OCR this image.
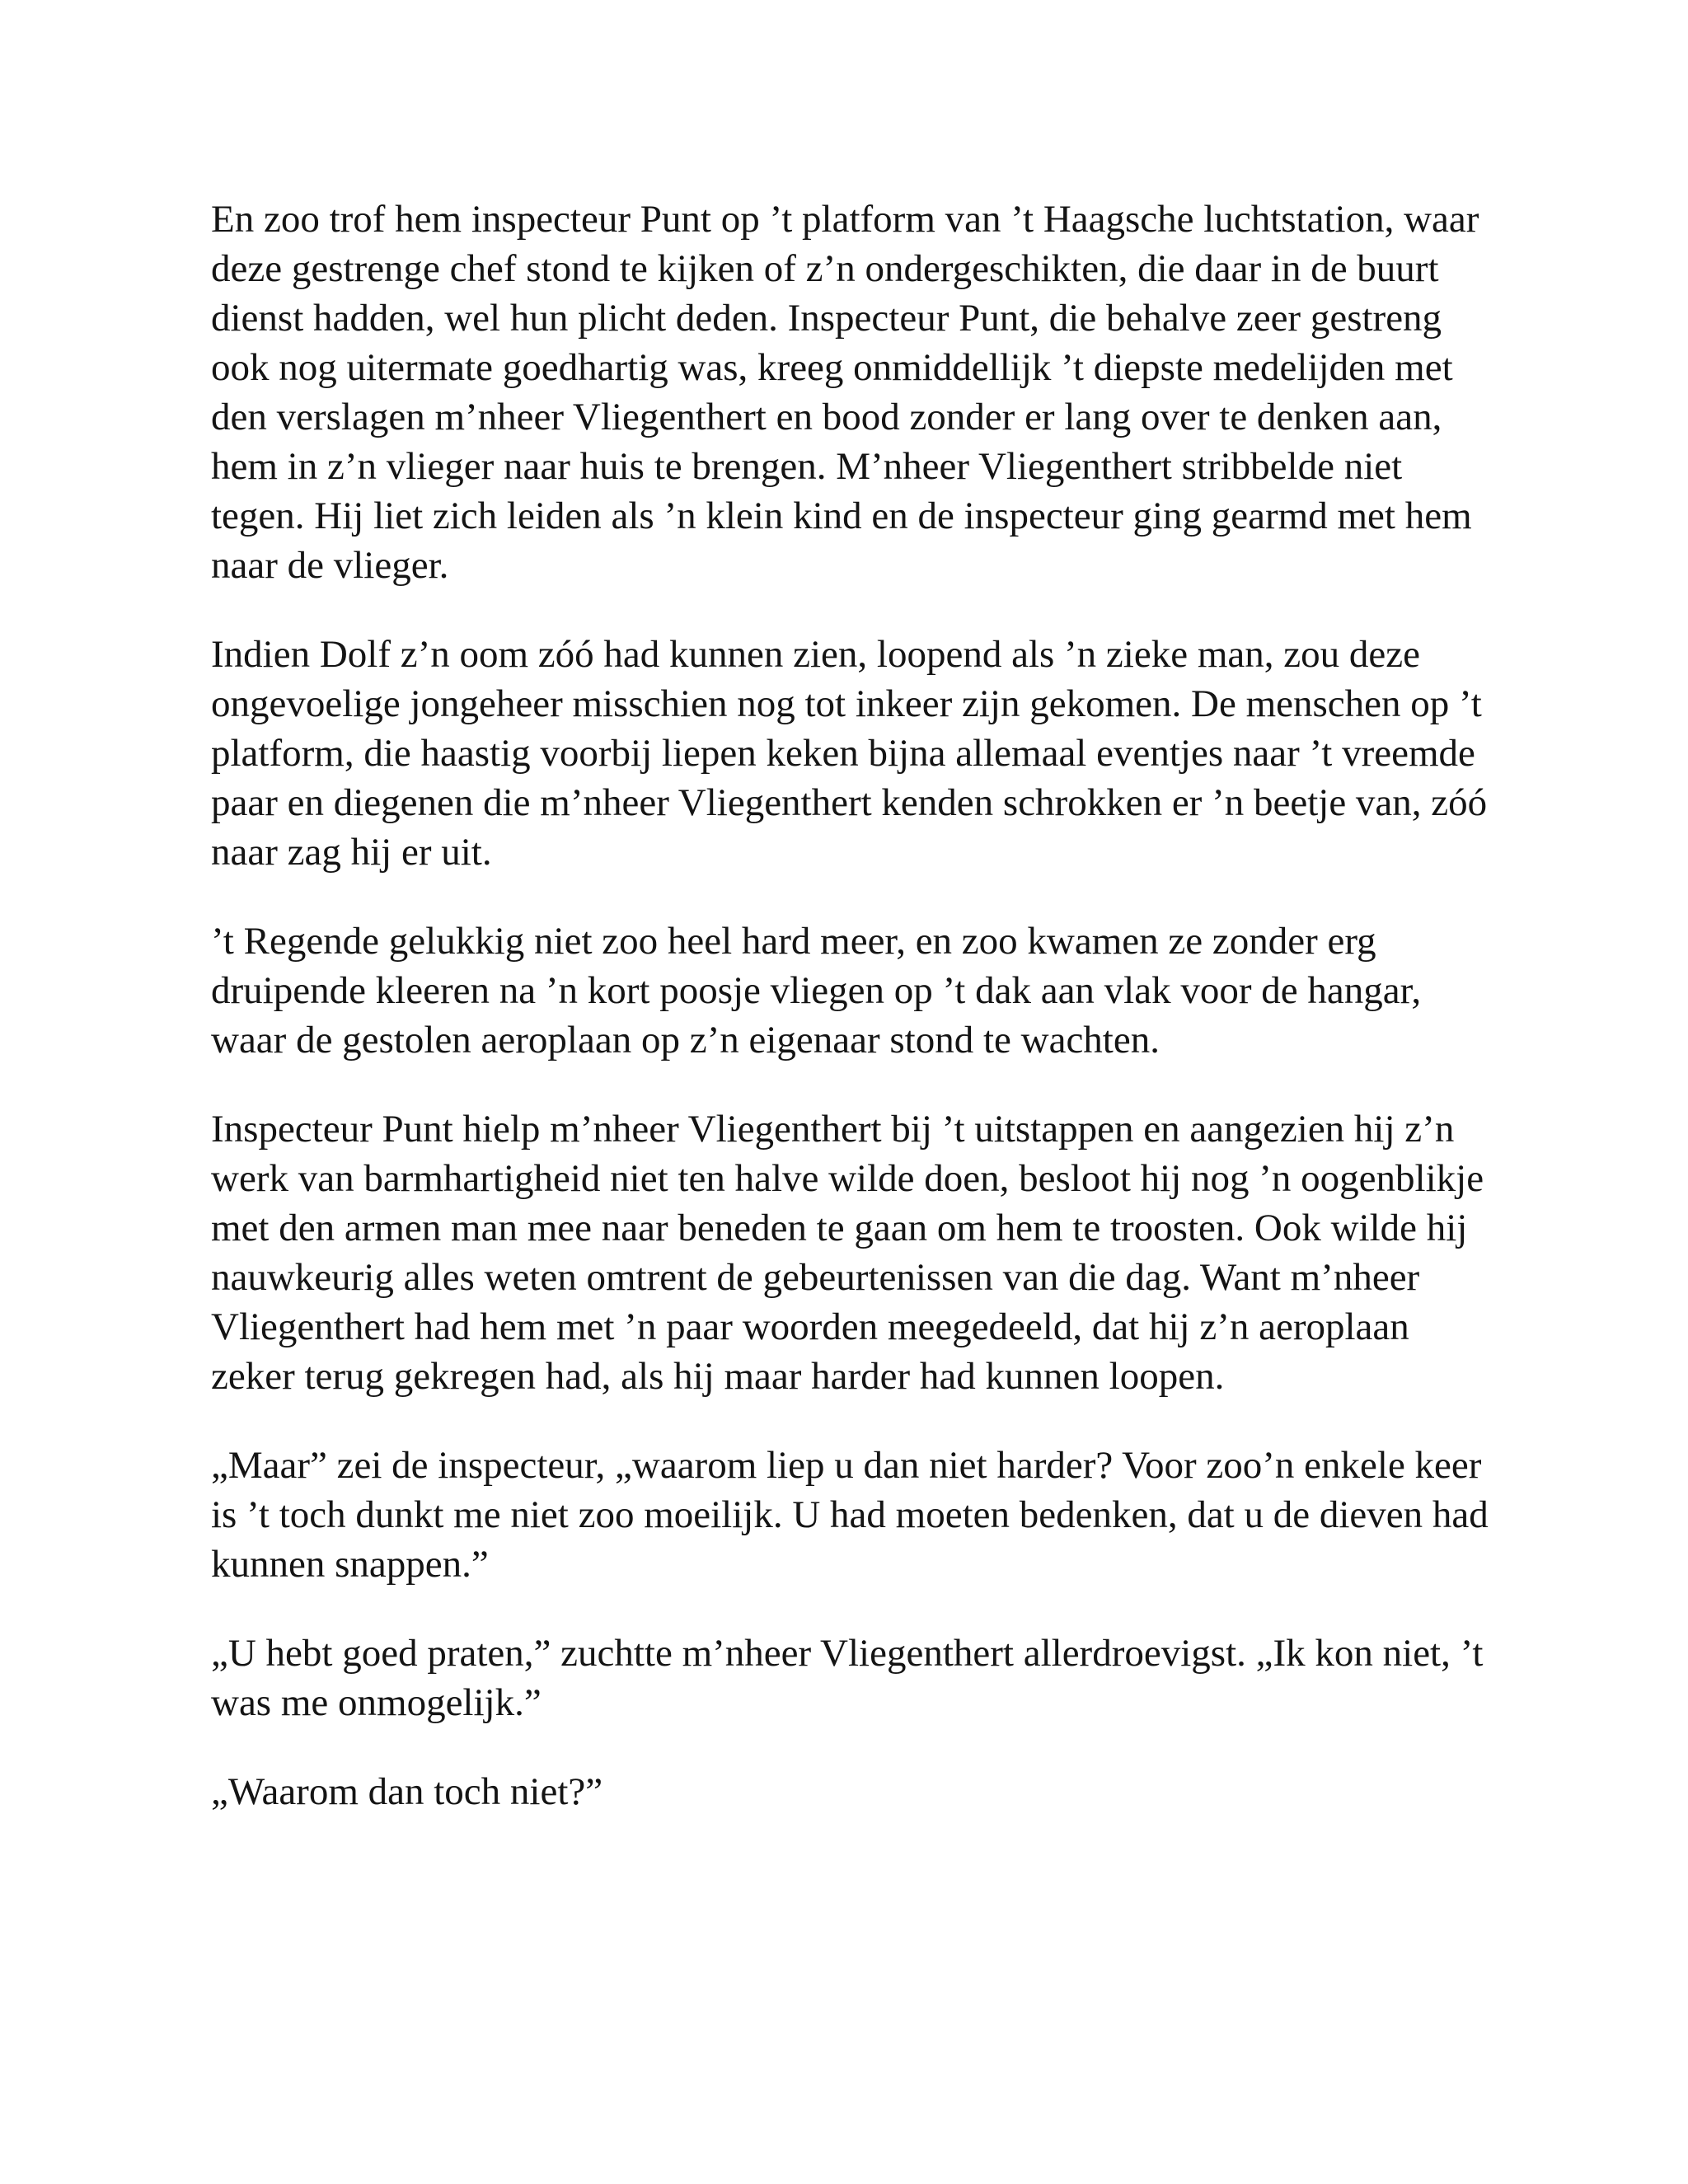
En zoo trof hem inspecteur Punt op ’t platform van ’t Haagsche luchtstation, waar deze gestrenge chef stond te kijken of z’n ondergeschikten, die daar in de buurt dienst hadden, wel hun plicht deden. Inspecteur Punt, die behalve zeer gestreng ook nog uitermate goedhartig was, kreeg onmiddellijk ’t diepste medelijden met den verslagen m’nheer Vliegenthert en bood zonder er lang over te denken aan, hem in z’n vlieger naar huis te brengen. M’nheer Vliegenthert stribbelde niet tegen. Hij liet zich leiden als ’n klein kind en de inspecteur ging gearmd met hem naar de vlieger.

Indien Dolf z’n oom zóó had kunnen zien, loopend als ’n zieke man, zou deze ongevoelige jongeheer misschien nog tot inkeer zijn gekomen. De menschen op ’t platform, die haastig voorbij liepen keken bijna allemaal eventjes naar ’t vreemde paar en diegenen die m’nheer Vliegenthert kenden schrokken er ’n beetje van, zóó naar zag hij er uit.

’t Regende gelukkig niet zoo heel hard meer, en zoo kwamen ze zonder erg druipende kleeren na ’n kort poosje vliegen op ’t dak aan vlak voor de hangar, waar de gestolen aeroplaan op z’n eigenaar stond te wachten.

Inspecteur Punt hielp m’nheer Vliegenthert bij ’t uitstappen en aangezien hij z’n werk van barmhartigheid niet ten halve wilde doen, besloot hij nog ’n oogenblikje met den armen man mee naar beneden te gaan om hem te troosten. Ook wilde hij nauwkeurig alles weten omtrent de gebeurtenissen van die dag. Want m’nheer Vliegenthert had hem met ’n paar woorden meegedeeld, dat hij z’n aeroplaan zeker terug gekregen had, als hij maar harder had kunnen loopen.

„Maar” zei de inspecteur, „waarom liep u dan niet harder? Voor zoo’n enkele keer is ’t toch dunkt me niet zoo moeilijk. U had moeten bedenken, dat u de dieven had kunnen snappen.”

„U hebt goed praten,” zuchtte m’nheer Vliegenthert allerdroevigst. „Ik kon niet, ’t was me onmogelijk.”

„Waarom dan toch niet?”
